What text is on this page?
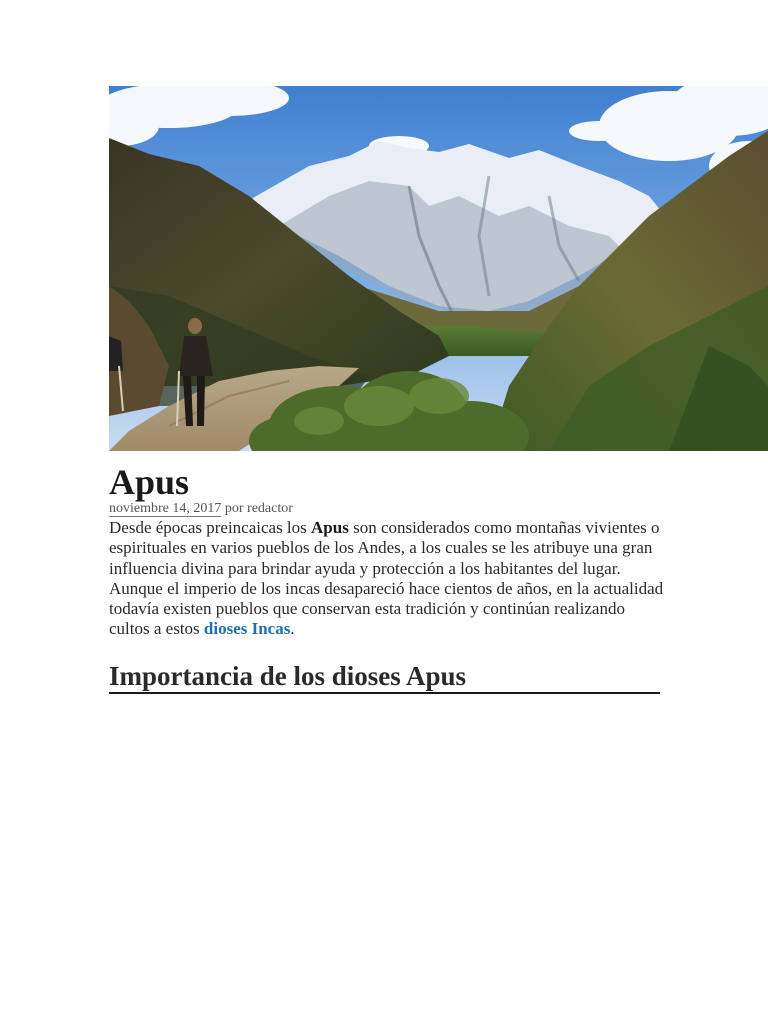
Apus
noviembre 14, 2017 por redactor

Desde épocas preincaicas los Apus son considerados como montañas vivientes o espirituales en varios pueblos de los Andes, a los cuales se les atribuye una gran influencia divina para brindar ayuda y protección a los habitantes del lugar.

Aunque el imperio de los incas desapareció hace cientos de años, en la actualidad todavía existen pueblos que conservan esta tradición y continúan realizando cultos a estos dioses Incas.

Importancia de los dioses Apus
